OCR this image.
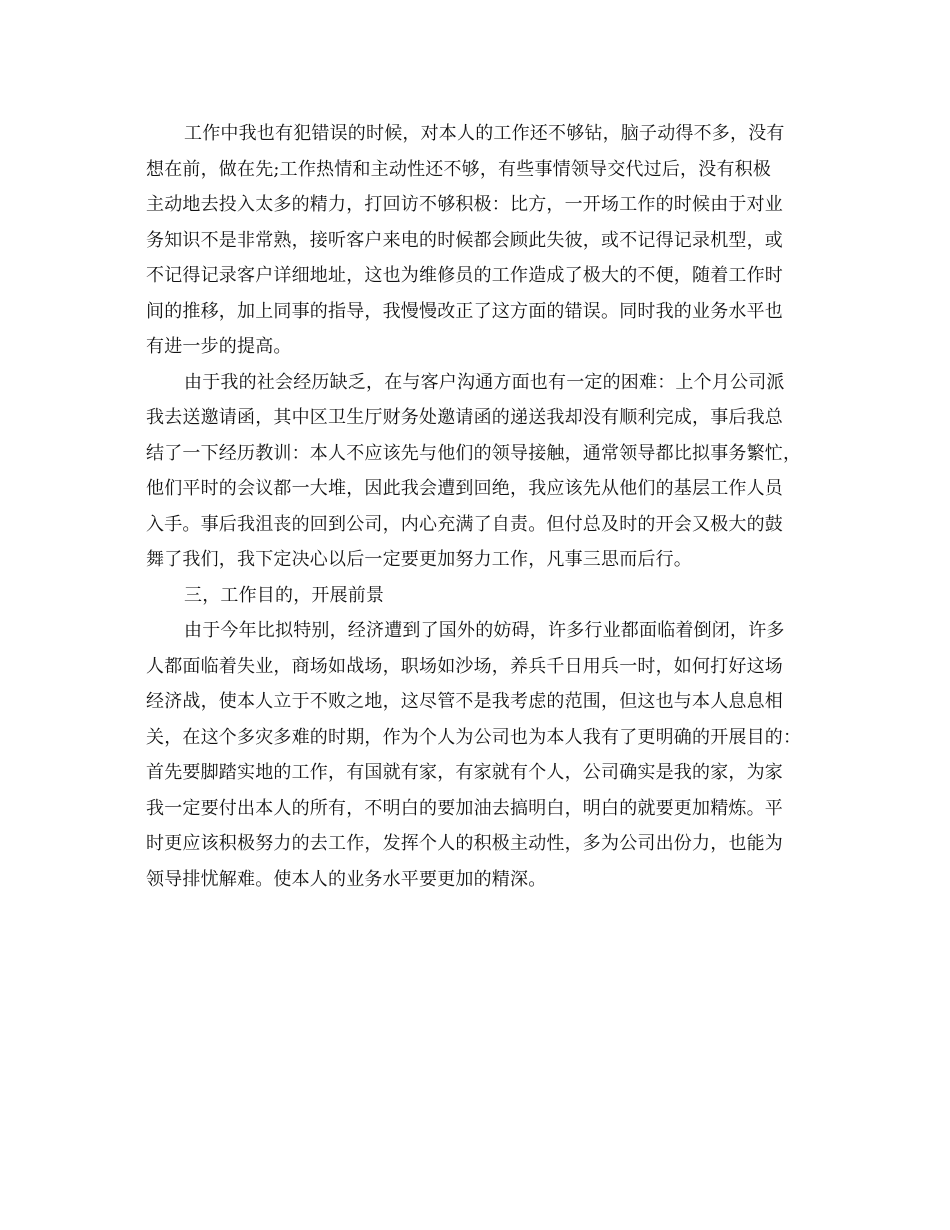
工作中我也有犯错误的时候，对本人的工作还不够钻，脑子动得不多，没有
想在前，做在先;工作热情和主动性还不够，有些事情领导交代过后，没有积极
主动地去投入太多的精力，打回访不够积极：比方，一开场工作的时候由于对业
务知识不是非常熟，接听客户来电的时候都会顾此失彼，或不记得记录机型，或
不记得记录客户详细地址，这也为维修员的工作造成了极大的不便，随着工作时
间的推移，加上同事的指导，我慢慢改正了这方面的错误。同时我的业务水平也
有进一步的提高。

由于我的社会经历缺乏，在与客户沟通方面也有一定的困难：上个月公司派
我去送邀请函，其中区卫生厅财务处邀请函的递送我却没有顺利完成，事后我总
结了一下经历教训：本人不应该先与他们的领导接触，通常领导都比拟事务繁忙，
他们平时的会议都一大堆，因此我会遭到回绝，我应该先从他们的基层工作人员
入手。事后我沮丧的回到公司，内心充满了自责。但付总及时的开会又极大的鼓
舞了我们，我下定决心以后一定要更加努力工作，凡事三思而后行。

三，工作目的，开展前景

由于今年比拟特别，经济遭到了国外的妨碍，许多行业都面临着倒闭，许多
人都面临着失业，商场如战场，职场如沙场，养兵千日用兵一时，如何打好这场
经济战，使本人立于不败之地，这尽管不是我考虑的范围，但这也与本人息息相
关，在这个多灾多难的时期，作为个人为公司也为本人我有了更明确的开展目的：
首先要脚踏实地的工作，有国就有家，有家就有个人，公司确实是我的家，为家
我一定要付出本人的所有，不明白的要加油去搞明白，明白的就要更加精炼。平
时更应该积极努力的去工作，发挥个人的积极主动性，多为公司出份力，也能为
领导排忧解难。使本人的业务水平要更加的精深。
